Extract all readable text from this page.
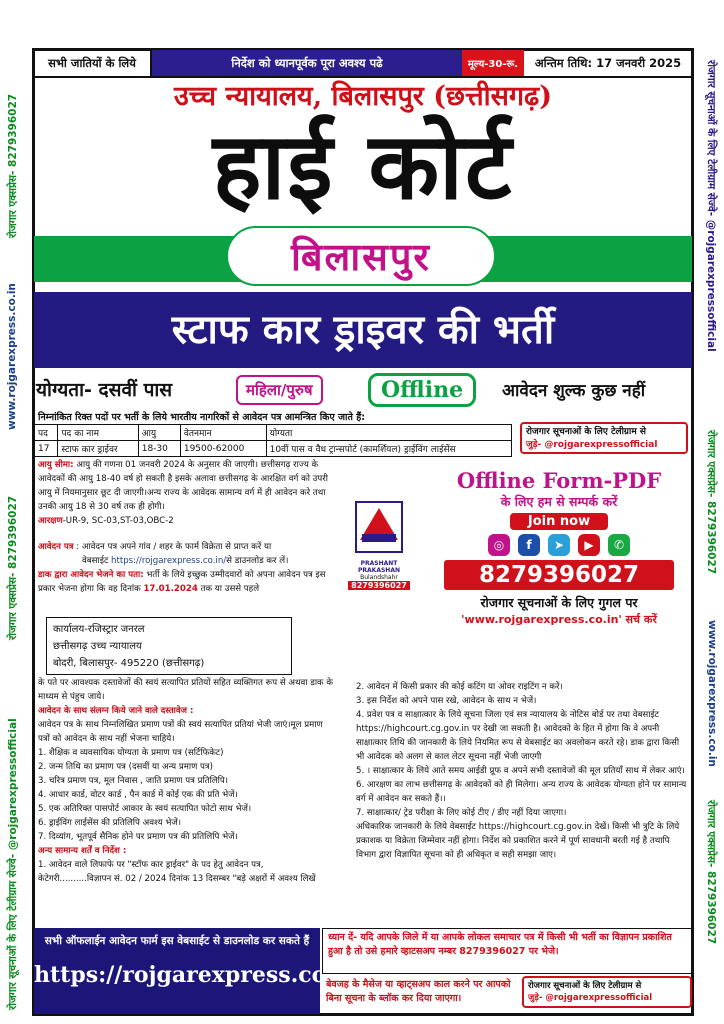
रोजगार एक्सप्रेस- 8279396027
www.rojgarexpress.co.in
रोजगार एक्सप्रेस- 8279396027
रोजगार सूचनाओं के लिए टेलीग्राम सेज्वे- @rojgarexpressofficial
रोजगार सूचनाओं के लिए टेलीग्राम सेज्वे- @rojgarexpressofficial
रोजगार एक्सप्रेस- 8279396027
www.rojgarexpress.co.in
रोजगार एक्सप्रेस- 8279396027
सभी जातियों के लिये	निर्देश को ध्यानपूर्वक पूरा अवश्य पढे	मूल्य-30-रू.	अन्तिम तिथि: 17 जनवरी 2025
उच्च न्यायालय, बिलासपुर (छत्तीसगढ़)
हाई कोर्ट
बिलासपुर
स्टाफ कार ड्राइवर की भर्ती
योग्यता- दसवीं पास	महिला/पुरुष	Offline	आवेदन शुल्क कुछ नहीं
निम्नांकित रिक्त पदों पर भर्ती के लिये भारतीय नागरिकों से आवेदन पत्र आमन्त्रित किए जाते हैं:
पद	पद का नाम	आयु	वेतनमान	योग्यता
17	स्टाफ कार ड्राईवर	18-30	19500-62000	10वीं पास व वैध ट्रान्सपोर्ट (कामर्शियल) ड्राईविंग लाईसेंस
रोजगार सूचनाओं के लिए टेलीग्राम से
जुड़े- @rojgarexpressofficial

आयु सीमा: आयु की गणना 01 जनवरी 2024 के अनुसार की जाएगी। छत्तीसगढ़ राज्य के आवेदकों की आयु 18-40 वर्ष हो सकती है इसके अलावा छत्तीसगढ़ के आरक्षित वर्ग को उपरी आयु में नियमानुसार छूट दी जाएगी।अन्य राज्य के आवेदक सामान्य वर्ग में ही आवेदन करे तथा उनकी आयु 18 से 30 वर्ष तक ही होगी।

आरक्षण-UR-9, SC-03,ST-03,OBC-2

आवेदन पत्र : आवेदन पत्र अपने गांव / शहर के फार्म विक्रेता से प्राप्त करें या

वेबसाईट https://rojgarexpress.co.in/से डाउनलोड कर लें।

डाक द्वारा आवेदन भेजने का पता: भर्ती के लिये इच्छुक उम्मीदवारों को अपना आवेदन पत्र इस प्रकार भेजना होगा कि वह दिनांक 17.01.2024 तक या उससे पहले

कार्यालय-रजिस्ट्रार जनरल
छत्तीसगढ़ उच्च न्यायालय
बोदरी, बिलासपुर- 495220 (छत्तीसगढ़)

के पते पर आवश्यक दस्तावेजों की स्वयं सत्यापित प्रतियों सहित व्यक्तिगत रूप से अथवा डाक के माध्यम से पंहुच जाये।

आवेदन के साथ संलग्न किये जाने वाले दस्तावेज :

आवेदन पत्र के साथ निम्नलिखित प्रमाण पत्रों की स्वयं सत्यापित प्रतियां भेजी जाएं।मूल प्रमाण पत्रों को आवेदन के साथ नहीं भेजना चाहिये।

1. शैक्षिक व व्यवसायिक योग्यता के प्रमाण पत्र (सर्टिफिकेट)

2. जन्म तिथि का प्रमाण पत्र (दसवीं या अन्य प्रमाण पत्र)

3. चरित्र प्रमाण पत्र, मूल निवास , जाति प्रमाण पत्र प्रतिलिपि।

4. आधार कार्ड, वोटर कार्ड , पैन कार्ड में कोई एक की प्रति भेजें।

5. एक अतिरिक्त पासपोर्ट आकार के स्वयं सत्यापित फोटो साथ भेजें।

6. ड्राईविंग लाईसेंस की प्रतिलिपि अवश्य भेजें।

7. दिव्यांग, भूतपूर्व सैनिक होने पर प्रमाण पत्र की प्रतिलिपि भेजें।

अन्य सामान्य शर्तें व निर्देश :

1. आवेदन वाले लिफाफे पर "स्टॉफ कार ड्राईवर" के पद हेतु आवेदन पत्र, केटेगरी..........विज्ञापन सं. 02 / 2024 दिनांक 13 दिसम्बर "बड़े अक्षरों में अवश्य लिखें

PRASHANT PRAKASHAN
Bulandshahr
8279396027
Offline Form-PDF
के लिए हम से सम्पर्क करें
Join now
◎	f	➤	▶	✆
8279396027
रोजगार सूचनाओं के लिए गुगल पर
'www.rojgarexpress.co.in' सर्च करें

2. आवेदन में किसी प्रकार की कोई कटिंग या ओवर राइटिंग न करें।

3. इस निर्देश को अपने पास रखे, आवेदन के साथ न भेजें।

4. प्रवेश पत्र व साक्षात्कार के लिये सूचना जिला एवं सत्र न्यायालय के नोटिस बोर्ड पर तथा वेबसाईट https://highcourt.cg.gov.in पर देखी जा सकती है। आवेदको के हित में होगा कि वे अपनी साक्षात्कार तिथि की जानकारी के लिये नियमित रूप से वेबसाईट का अवलोकन करते रहे। डाक द्वारा किसी भी आवेदक को अलग से काल लेटर सूचना नहीं भेजी जाएगी

5. । साक्षात्कार के लिये आते समय आईडी प्रूफ व अपने सभी दस्तावेजों की मूल प्रतियाँ साथ में लेकर आएं।

6. आरक्षण का लाभ छत्तीसगढ़ के आवेदकों को ही मिलेगा। अन्य राज्य के आवेदक योग्यता होने पर सामान्य वर्ग में आवेदन कर सकते हैं।।

7. साक्षात्कार/ ट्रेड परीक्षा के लिए कोई टीए / डीए नहीं दिया जाएगा।

अधिकारिक जानकारी के लिये वेबसाईट https://highcourt.cg.gov.in देखें। किसी भी त्रुटि के लिये प्रकाशक या विक्रेता जिम्मेवार नहीं होगा। निर्देश को प्रकाशित करने में पूर्ण सावधानी बरती गई है तथापि विभाग द्वारा विज्ञापित सूचना को ही अधिकृत व सही समझा जाए।

सभी ऑफलाईन आवेदन फार्म इस वेबसाईट से डाउनलोड कर सकते हैं
https://rojgarexpress.co.in
ध्यान दें- यदि आपके जिले में या आपके लोकल समाचार पत्र में किसी भी भर्ती का विज्ञापन प्रकाशित हुआ है तो उसे हमारे व्हाटसअप नम्बर 8279396027 पर भेजे।
बेवजह के मैसेज या व्हाट्सअप काल करने पर आपको बिना सूचना के ब्लॉक कर दिया जाएगा।
रोजगार सूचनाओं के लिए टेलीग्राम से
जुड़े- @rojgarexpressofficial
